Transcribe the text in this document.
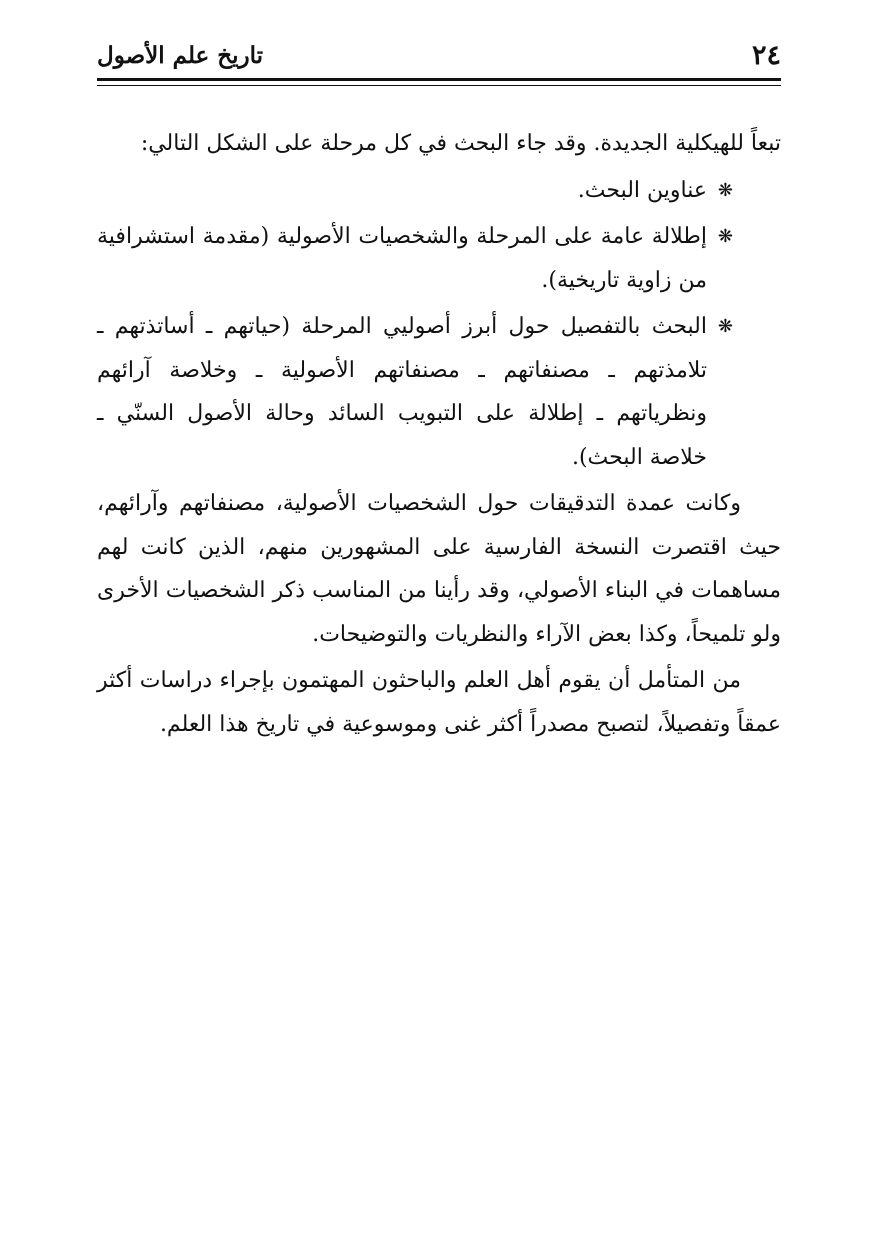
٢٤
تاريخ علم الأصول

تبعاً للهيكلية الجديدة. وقد جاء البحث في كل مرحلة على الشكل التالي:

❋
عناوين البحث.

❋
إطلالة عامة على المرحلة والشخصيات الأصولية (مقدمة استشرافية من زاوية تاريخية).

❋
البحث بالتفصيل حول أبرز أصوليي المرحلة (حياتهم ـ أساتذتهم ـ تلامذتهم ـ مصنفاتهم ـ مصنفاتهم الأصولية ـ وخلاصة آرائهم ونظرياتهم ـ إطلالة على التبويب السائد وحالة الأصول السنّي ـ خلاصة البحث).

وكانت عمدة التدقيقات حول الشخصيات الأصولية، مصنفاتهم وآرائهم، حيث اقتصرت النسخة الفارسية على المشهورين منهم، الذين كانت لهم مساهمات في البناء الأصولي، وقد رأينا من المناسب ذكر الشخصيات الأخرى ولو تلميحاً، وكذا بعض الآراء والنظريات والتوضيحات.

من المتأمل أن يقوم أهل العلم والباحثون المهتمون بإجراء دراسات أكثر عمقاً وتفصيلاً، لتصبح مصدراً أكثر غنى وموسوعية في تاريخ هذا العلم.
